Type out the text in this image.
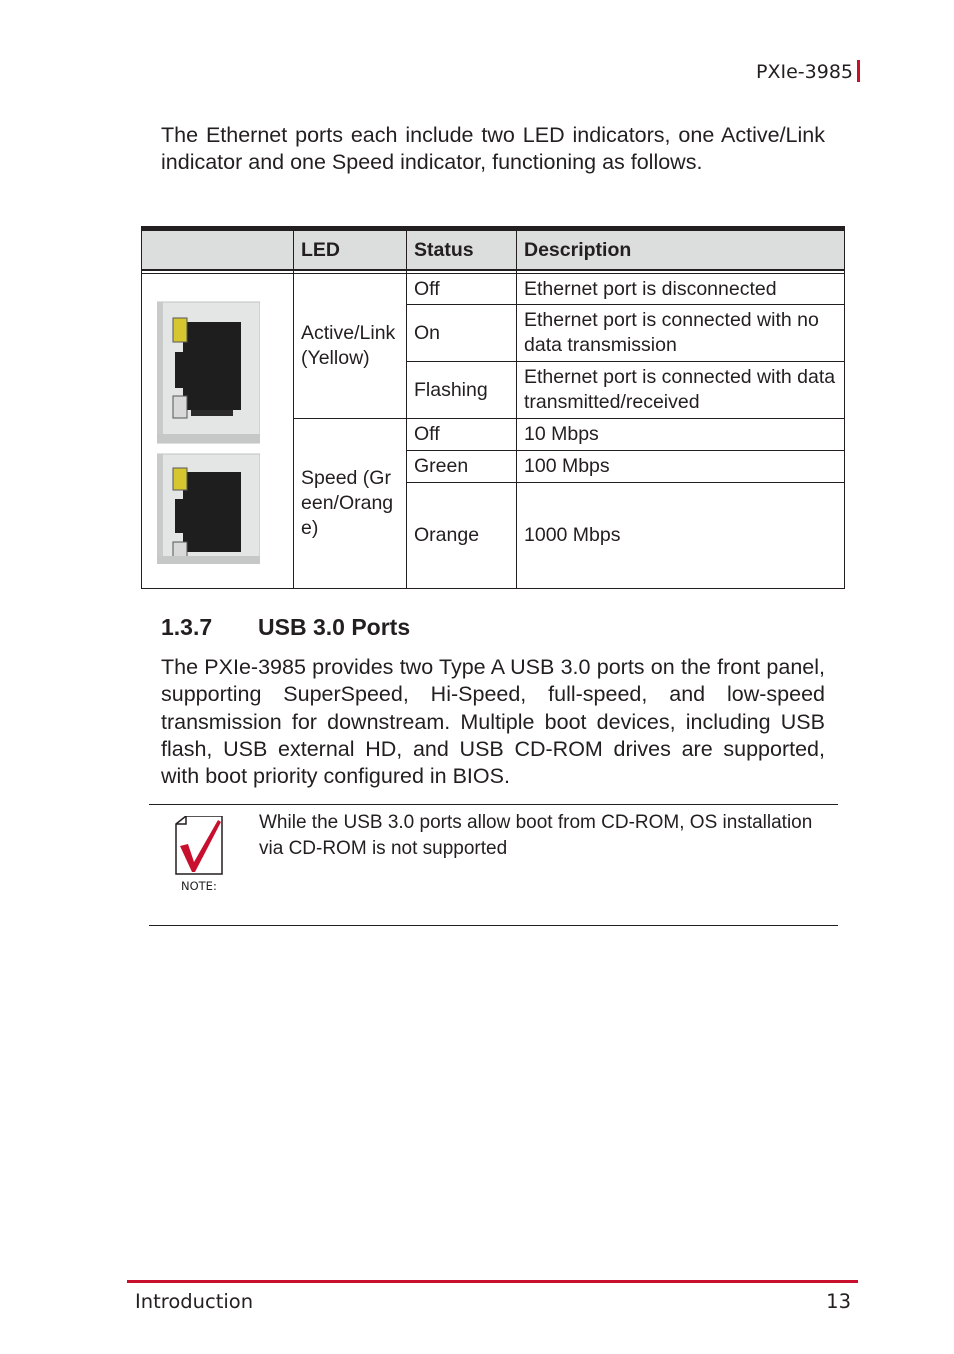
PXIe-3985
The Ethernet ports each include two LED indicators, one Active/Link indicator and one Speed indicator, functioning as follows.
	LED	Status	Description

	Active/Link (Yellow)	Off	Ethernet port is disconnected
		On	Ethernet port is connected with no data transmission
		Flashing	Ethernet port is connected with data transmitted/received
	Speed (Green/Orange)	Off	10 Mbps
		Green	100 Mbps
		Orange	1000 Mbps
1.3.7 USB 3.0 Ports
The PXIe-3985 provides two Type A USB 3.0 ports on the front panel, supporting SuperSpeed, Hi-Speed, full-speed, and low-speed transmission for downstream. Multiple boot devices, including USB flash, USB external HD, and USB CD-ROM drives are supported, with boot priority configured in BIOS.
NOTE:
While the USB 3.0 ports allow boot from CD-ROM, OS installation via CD-ROM is not supported
Introduction	13
